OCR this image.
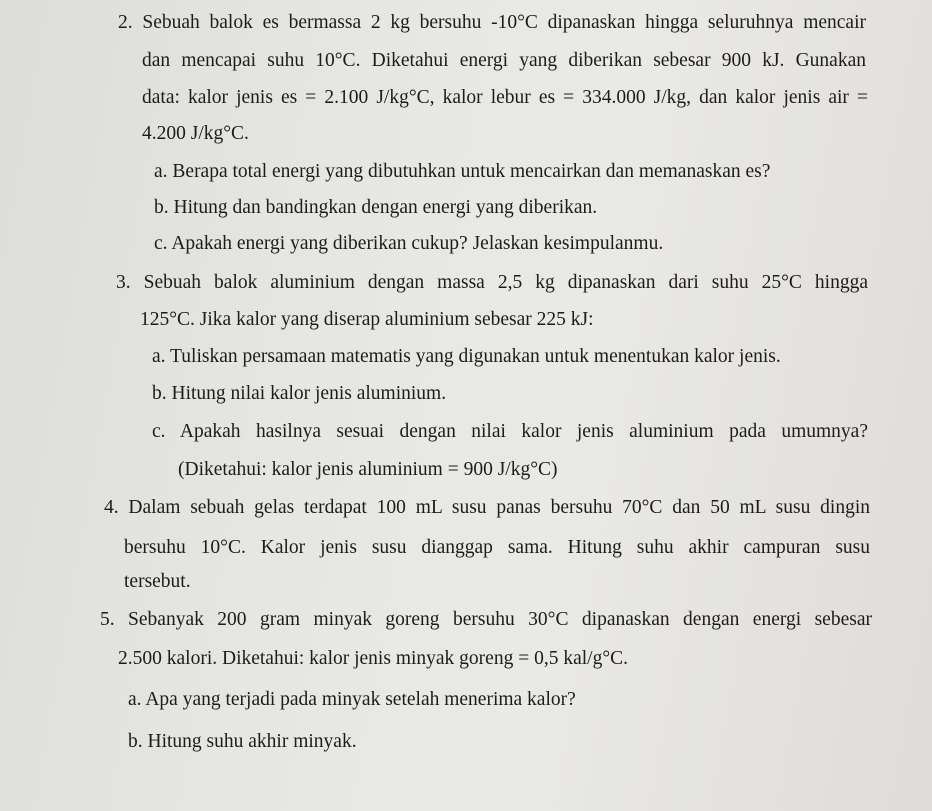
2. Sebuah balok es bermassa 2 kg bersuhu -10°C dipanaskan hingga seluruhnya mencair
dan mencapai suhu 10°C. Diketahui energi yang diberikan sebesar 900 kJ. Gunakan
data: kalor jenis es = 2.100 J/kg°C, kalor lebur es = 334.000 J/kg, dan kalor jenis air =
4.200 J/kg°C.
a. Berapa total energi yang dibutuhkan untuk mencairkan dan memanaskan es?
b. Hitung dan bandingkan dengan energi yang diberikan.
c. Apakah energi yang diberikan cukup? Jelaskan kesimpulanmu.
3. Sebuah balok aluminium dengan massa 2,5 kg dipanaskan dari suhu 25°C hingga
125°C. Jika kalor yang diserap aluminium sebesar 225 kJ:
a. Tuliskan persamaan matematis yang digunakan untuk menentukan kalor jenis.
b. Hitung nilai kalor jenis aluminium.
c. Apakah hasilnya sesuai dengan nilai kalor jenis aluminium pada umumnya?
(Diketahui: kalor jenis aluminium = 900 J/kg°C)
4. Dalam sebuah gelas terdapat 100 mL susu panas bersuhu 70°C dan 50 mL susu dingin
bersuhu 10°C. Kalor jenis susu dianggap sama. Hitung suhu akhir campuran susu
tersebut.
5. Sebanyak 200 gram minyak goreng bersuhu 30°C dipanaskan dengan energi sebesar
2.500 kalori. Diketahui: kalor jenis minyak goreng = 0,5 kal/g°C.
a. Apa yang terjadi pada minyak setelah menerima kalor?
b. Hitung suhu akhir minyak.
